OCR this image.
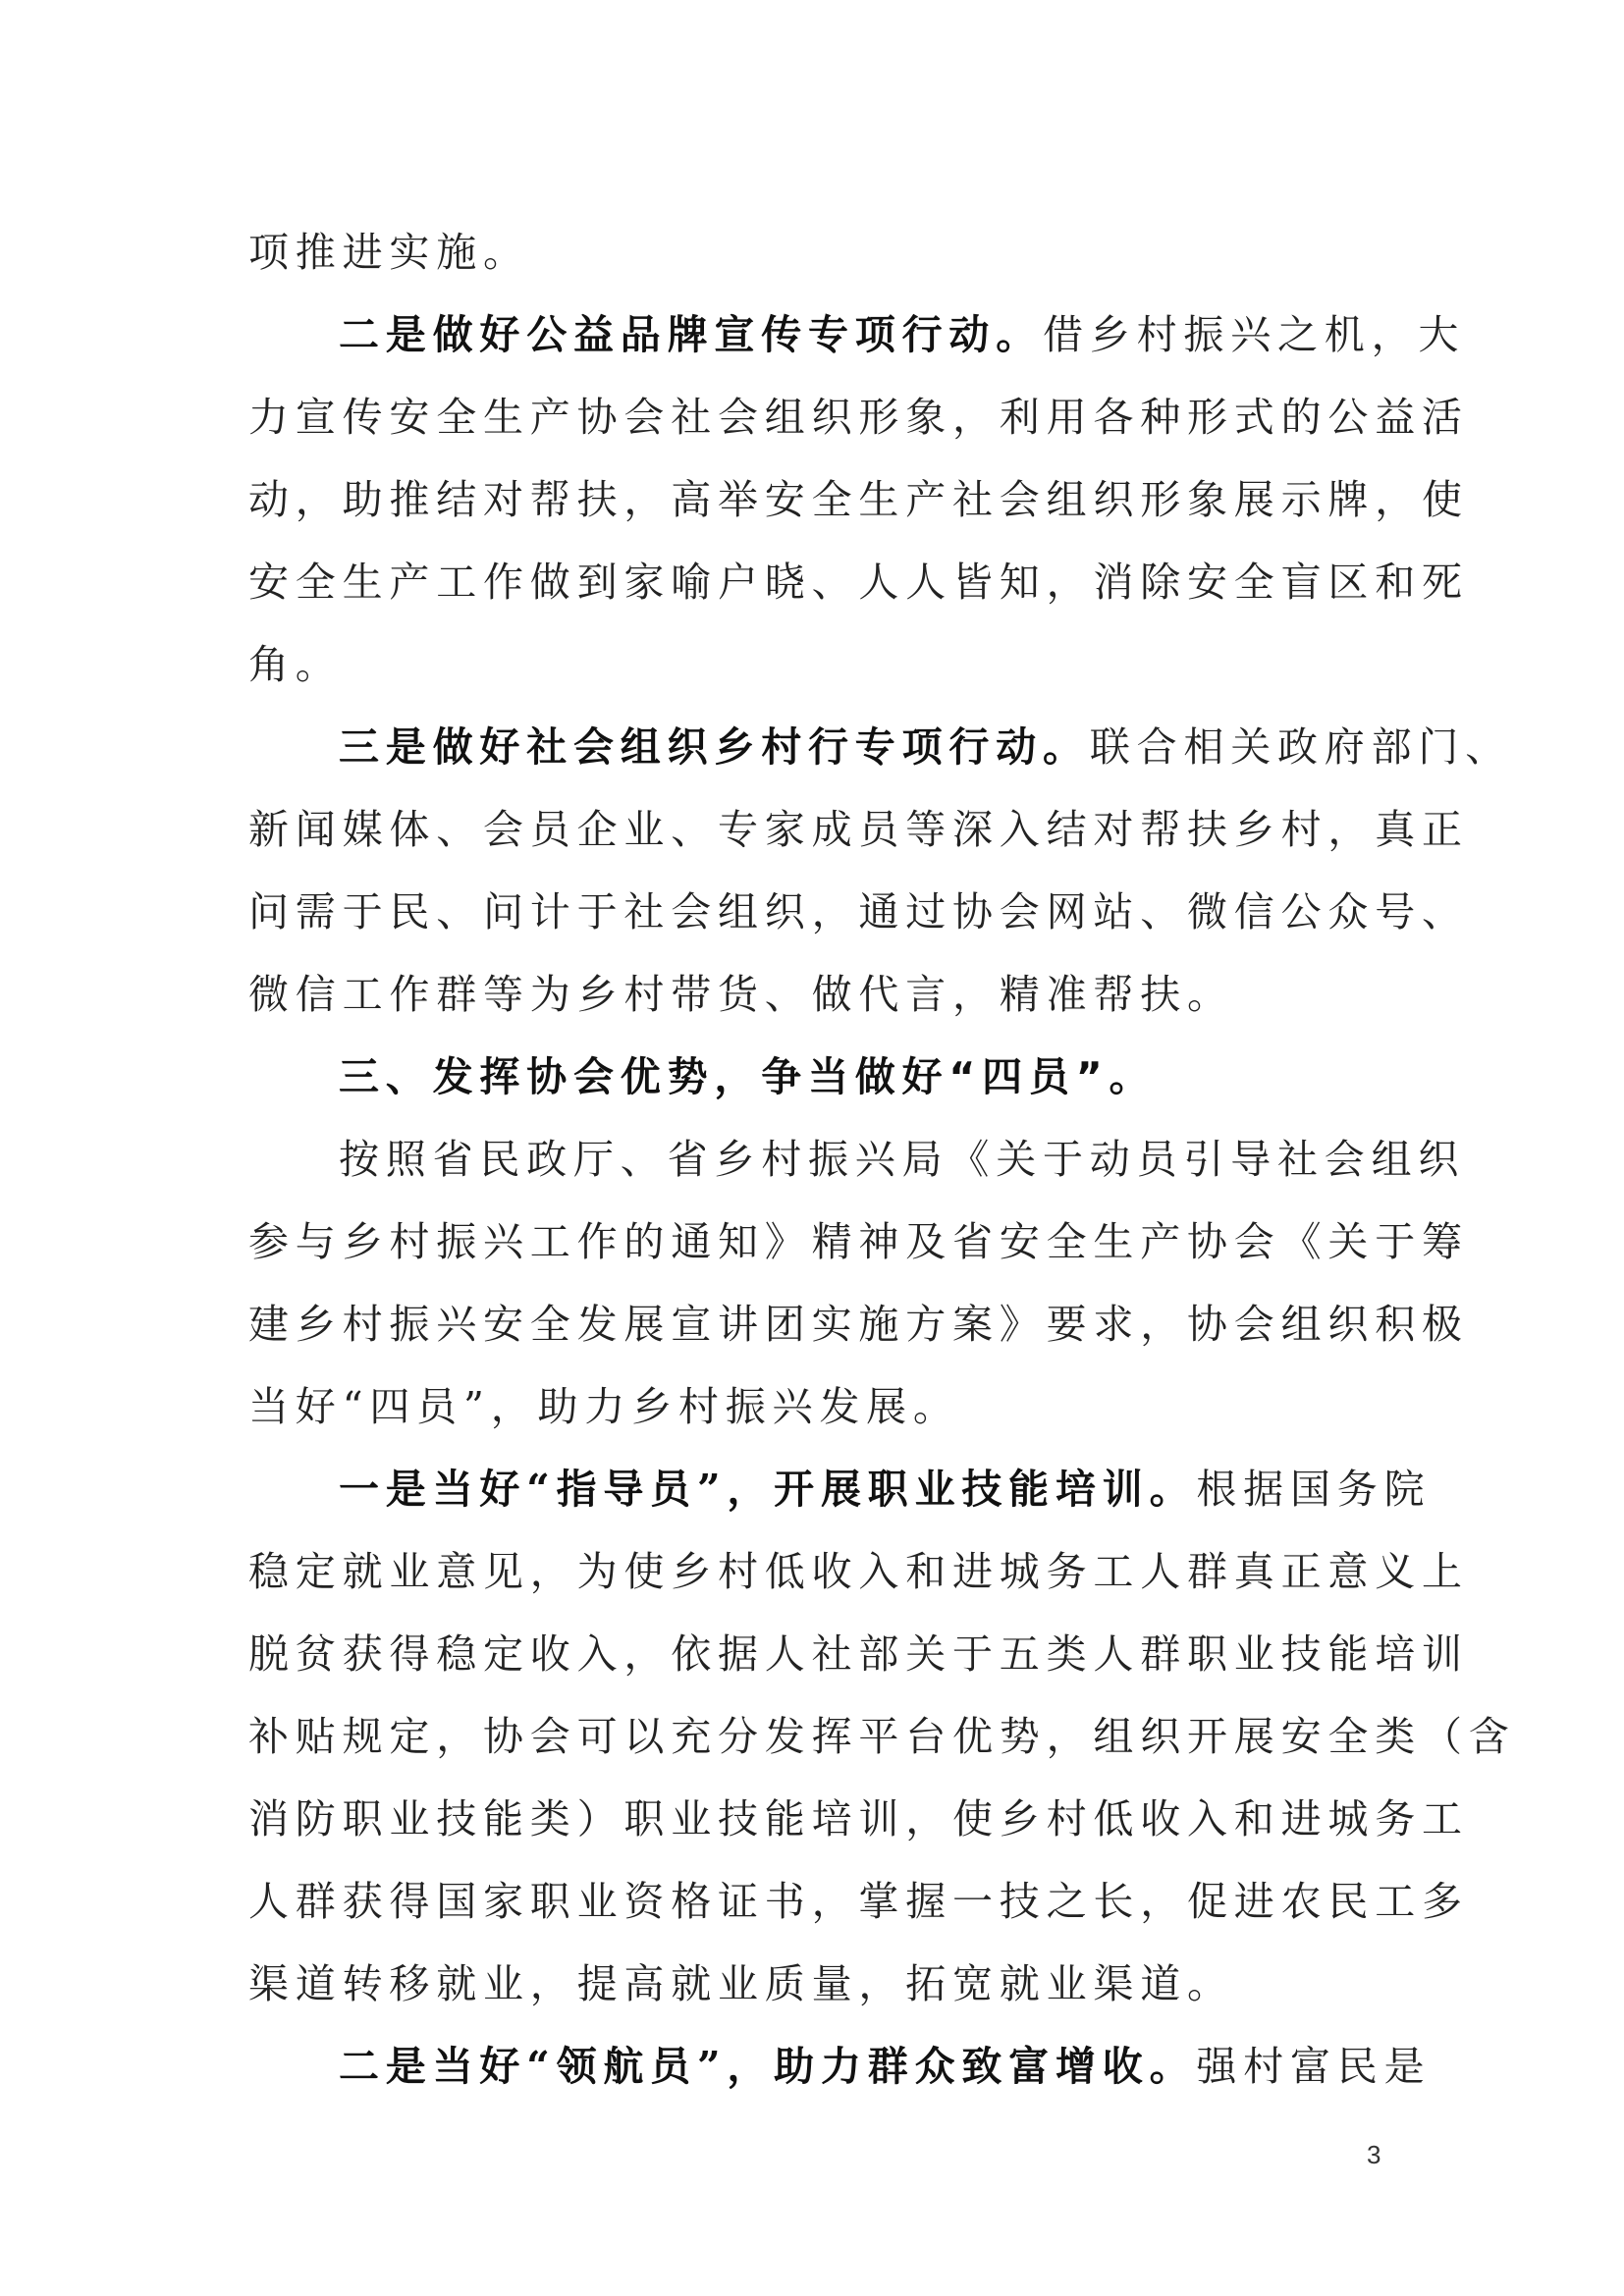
项推进实施。
二是做好公益品牌宣传专项行动。借乡村振兴之机，大
力宣传安全生产协会社会组织形象，利用各种形式的公益活
动，助推结对帮扶，高举安全生产社会组织形象展示牌，使
安全生产工作做到家喻户晓、人人皆知，消除安全盲区和死
角。
三是做好社会组织乡村行专项行动。联合相关政府部门、
新闻媒体、会员企业、专家成员等深入结对帮扶乡村，真正
问需于民、问计于社会组织，通过协会网站、微信公众号、
微信工作群等为乡村带货、做代言，精准帮扶。
三、发挥协会优势，争当做好“四员”。
按照省民政厅、省乡村振兴局《关于动员引导社会组织
参与乡村振兴工作的通知》精神及省安全生产协会《关于筹
建乡村振兴安全发展宣讲团实施方案》要求，协会组织积极
当好“四员”，助力乡村振兴发展。
一是当好“指导员”，开展职业技能培训。根据国务院
稳定就业意见，为使乡村低收入和进城务工人群真正意义上
脱贫获得稳定收入，依据人社部关于五类人群职业技能培训
补贴规定，协会可以充分发挥平台优势，组织开展安全类（含
消防职业技能类）职业技能培训，使乡村低收入和进城务工
人群获得国家职业资格证书，掌握一技之长，促进农民工多
渠道转移就业，提高就业质量，拓宽就业渠道。
二是当好“领航员”，助力群众致富增收。强村富民是
3
